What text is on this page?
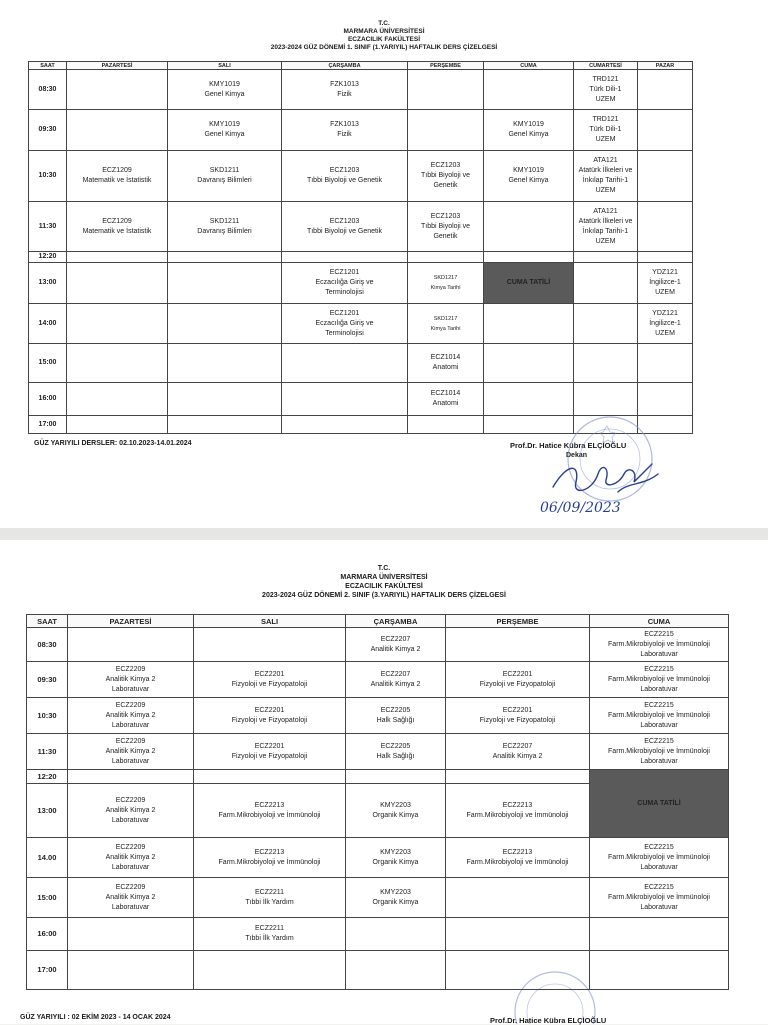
T.C.
MARMARA ÜNİVERSİTESİ
ECZACILIK FAKÜLTESİ
2023-2024 GÜZ DÖNEMİ 1. SINIF (1.YARIYIL) HAFTALIK DERS ÇİZELGESİ
SAAT	PAZARTESİ	SALI	ÇARŞAMBA	PERŞEMBE	CUMA	CUMARTESİ	PAZAR
08:30		KMY1019
Genel Kimya	FZK1013
Fizik			TRD121
Türk Dili-1
UZEM	
09:30		KMY1019
Genel Kimya	FZK1013
Fizik		KMY1019
Genel Kimya	TRD121
Türk Dili-1
UZEM	
10:30	ECZ1209
Matematik ve İstatistik	SKD1211
Davranış Bilimleri	ECZ1203
Tıbbi Biyoloji ve Genetik	ECZ1203
Tıbbi Biyoloji ve
Genetik	KMY1019
Genel Kimya	ATA121
Atatürk İlkeleri ve
İnkılap Tarihi-1
UZEM	
11:30	ECZ1209
Matematik ve İstatistik	SKD1211
Davranış Bilimleri	ECZ1203
Tıbbi Biyoloji ve Genetik	ECZ1203
Tıbbi Biyoloji ve
Genetik		ATA121
Atatürk İlkeleri ve
İnkılap Tarihi-1
UZEM	
12:20							
13:00			ECZ1201
Eczacılığa Giriş ve
Terminolojisi	SKD1217
Kimya Tarihi	CUMA TATİLİ		YDZ121
İngilizce-1
UZEM
14:00			ECZ1201
Eczacılığa Giriş ve
Terminolojisi	SKD1217
Kimya Tarihi			YDZ121
İngilizce-1
UZEM
15:00				ECZ1014
Anatomi			
16:00				ECZ1014
Anatomi			
17:00							
GÜZ YARIYILI DERSLER: 02.10.2023-14.01.2024	Prof.Dr. Hatice Kübra ELÇİOĞLU
Dekan
06/09/2023
T.C.
MARMARA ÜNİVERSİTESİ
ECZACILIK FAKÜLTESİ
2023-2024 GÜZ DÖNEMİ 2. SINIF (3.YARIYIL) HAFTALIK DERS ÇİZELGESİ
GÜZ YARIYILI : 02 EKİM 2023 - 14 OCAK 2024	Prof.Dr. Hatice Kübra ELÇİOĞLU
SAAT	PAZARTESİ	SALI	ÇARŞAMBA	PERŞEMBE	CUMA
08:30			ECZ2207
Analitik Kimya 2		ECZ2215
Farm.Mikrobiyoloji ve İmmünoloji
Laboratuvar
09:30	ECZ2209
Analitik Kimya 2
Laboratuvar	ECZ2201
Fizyoloji ve Fizyopatoloji	ECZ2207
Analitik Kimya 2	ECZ2201
Fizyoloji ve Fizyopatoloji	ECZ2215
Farm.Mikrobiyoloji ve İmmünoloji
Laboratuvar
10:30	ECZ2209
Analitik Kimya 2
Laboratuvar	ECZ2201
Fizyoloji ve Fizyopatoloji	ECZ2205
Halk Sağlığı	ECZ2201
Fizyoloji ve Fizyopatoloji	ECZ2215
Farm.Mikrobiyoloji ve İmmünoloji
Laboratuvar
11:30	ECZ2209
Analitik Kimya 2
Laboratuvar	ECZ2201
Fizyoloji ve Fizyopatoloji	ECZ2205
Halk Sağlığı	ECZ2207
Analitik Kimya 2	ECZ2215
Farm.Mikrobiyoloji ve İmmünoloji
Laboratuvar
12:20					CUMA TATİLİ
13:00	ECZ2209
Analitik Kimya 2
Laboratuvar	ECZ2213
Farm.Mikrobiyoloji ve İmmünoloji	KMY2203
Organik Kimya	ECZ2213
Farm.Mikrobiyoloji ve İmmünoloji	
14.00	ECZ2209
Analitik Kimya 2
Laboratuvar	ECZ2213
Farm.Mikrobiyoloji ve İmmünoloji	KMY2203
Organik Kimya	ECZ2213
Farm.Mikrobiyoloji ve İmmünoloji	ECZ2215
Farm.Mikrobiyoloji ve İmmünoloji
Laboratuvar
15:00	ECZ2209
Analitik Kimya 2
Laboratuvar	ECZ2211
Tıbbi İlk Yardım	KMY2203
Organik Kimya		ECZ2215
Farm.Mikrobiyoloji ve İmmünoloji
Laboratuvar
16:00		ECZ2211
Tıbbi İlk Yardım			
17:00					
